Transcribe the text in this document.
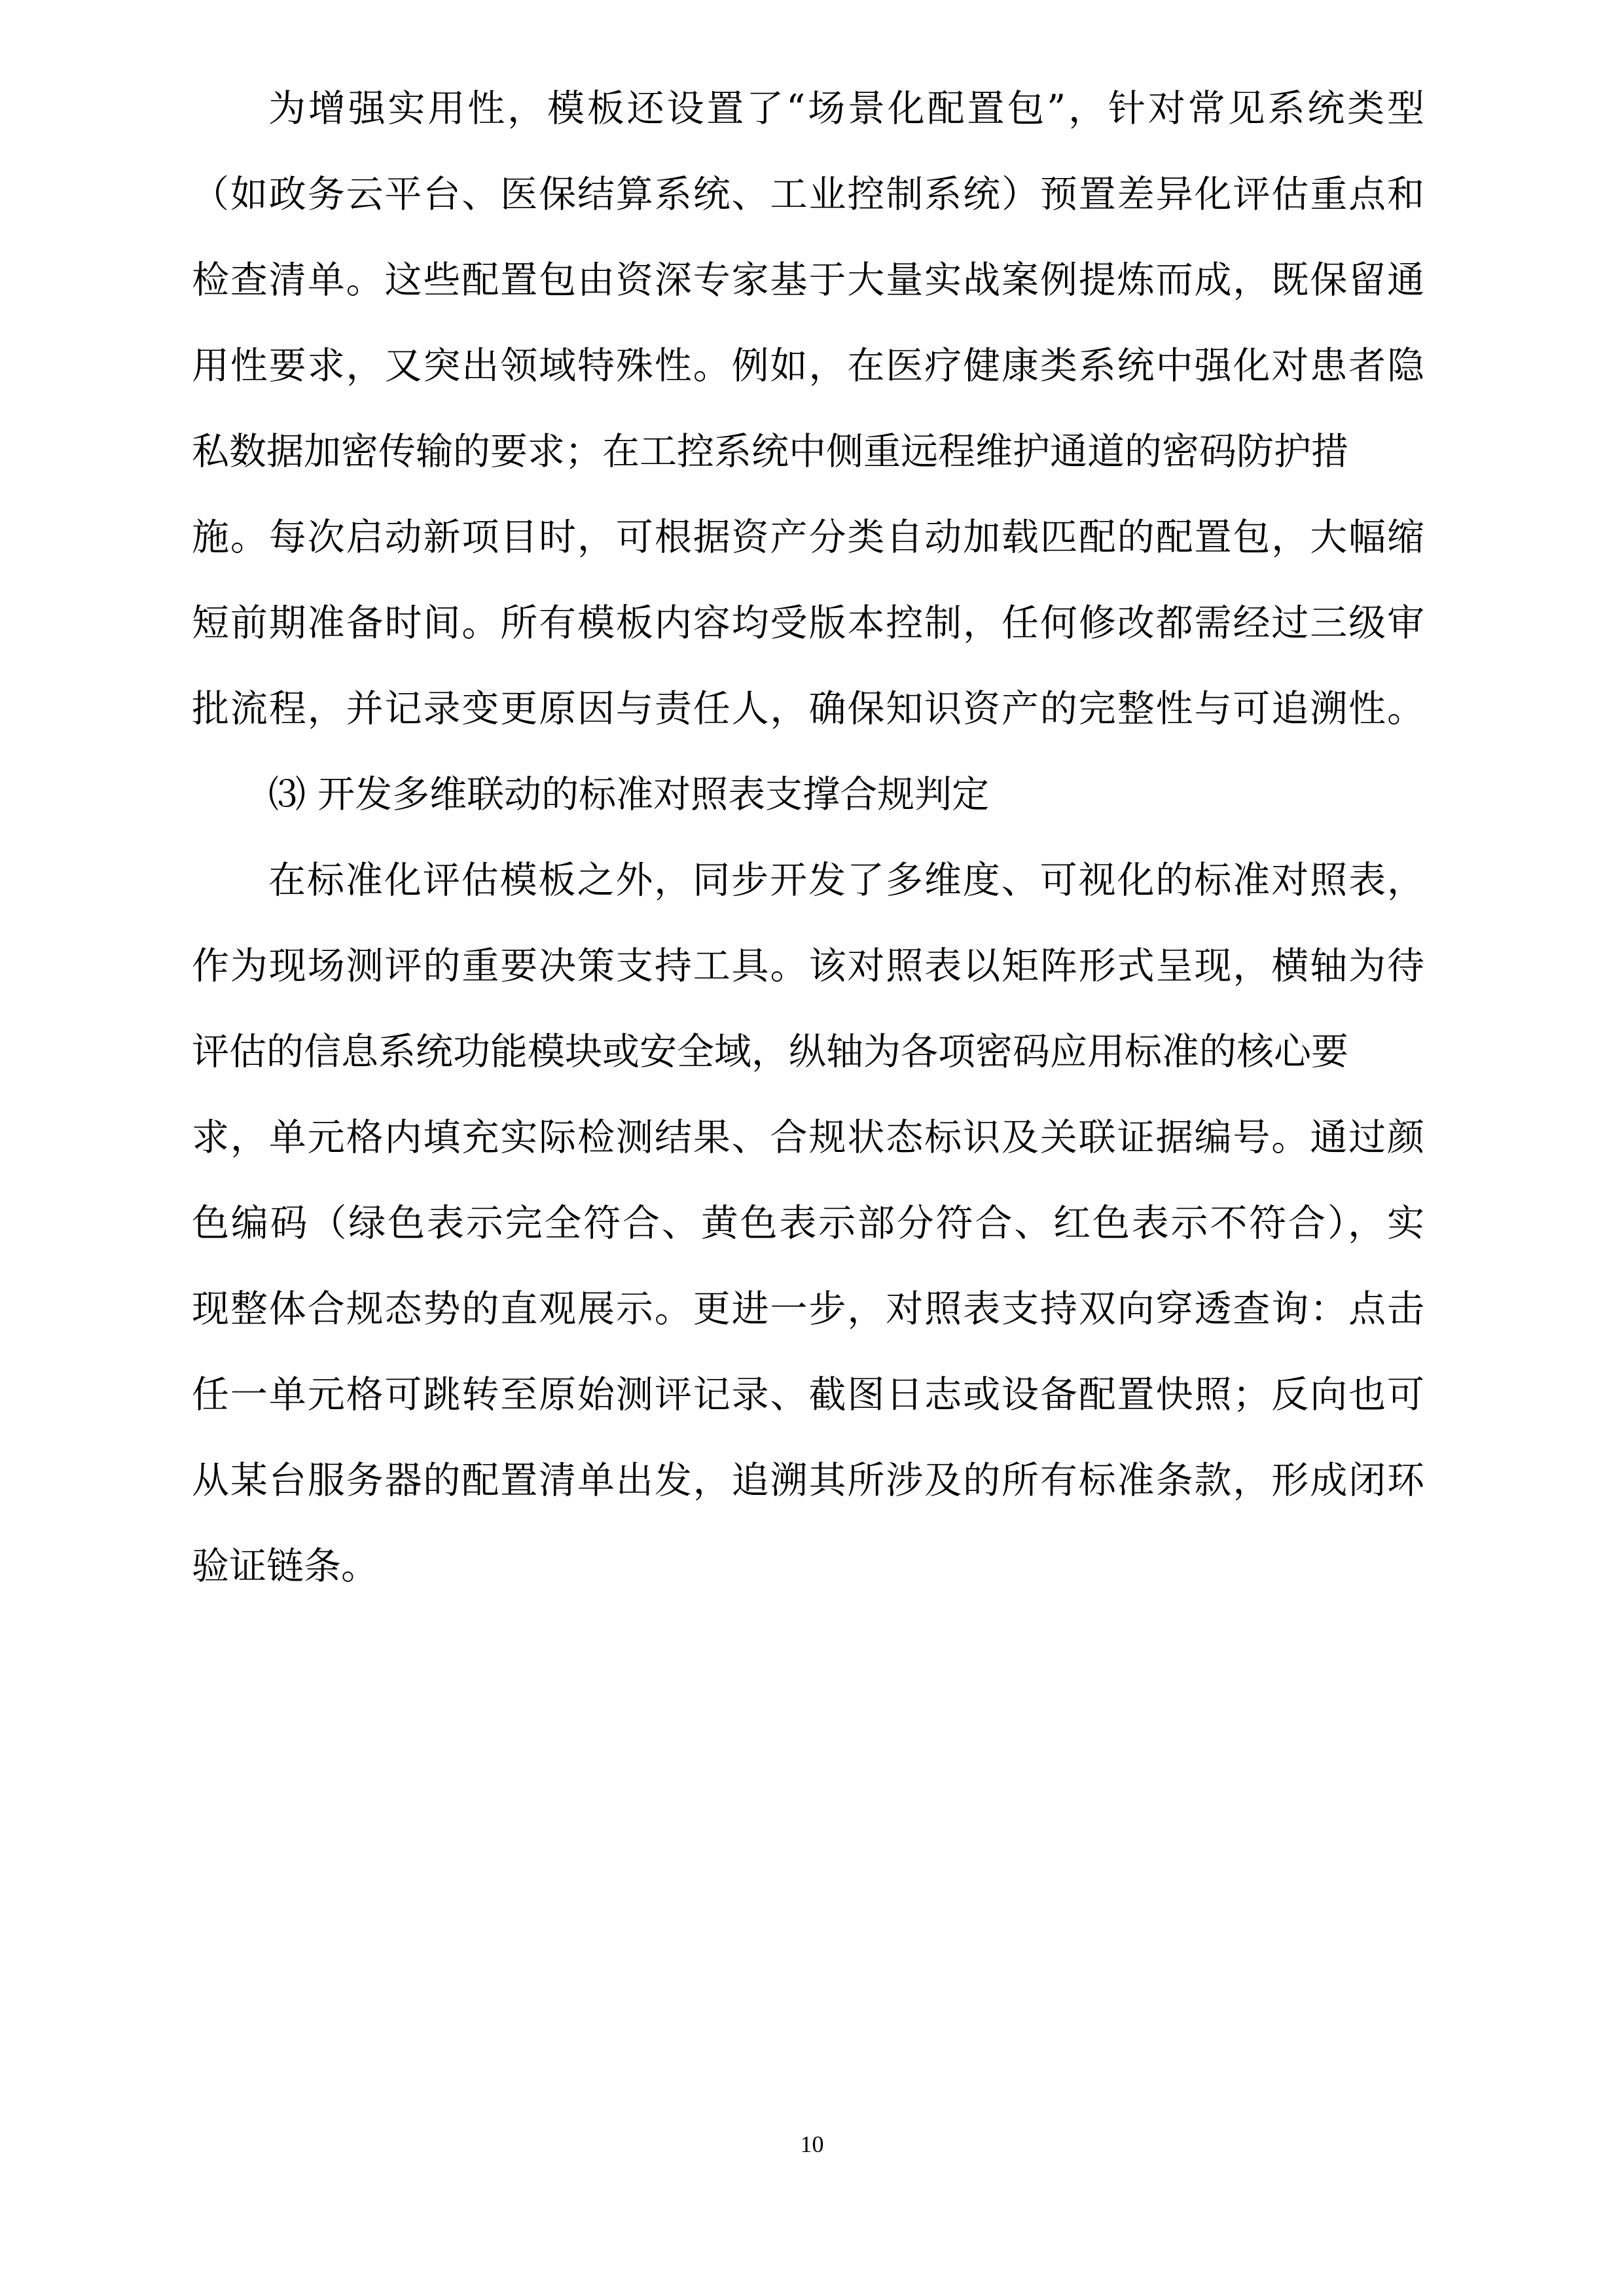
为增强实用性，模板还设置了“场景化配置包”，针对常见系统类型
（如政务云平台、医保结算系统、工业控制系统）预置差异化评估重点和
检查清单。这些配置包由资深专家基于大量实战案例提炼而成，既保留通
用性要求，又突出领域特殊性。例如，在医疗健康类系统中强化对患者隐
私数据加密传输的要求；在工控系统中侧重远程维护通道的密码防护措
施。每次启动新项目时，可根据资产分类自动加载匹配的配置包，大幅缩
短前期准备时间。所有模板内容均受版本控制，任何修改都需经过三级审
批流程，并记录变更原因与责任人，确保知识资产的完整性与可追溯性。
⑶ 开发多维联动的标准对照表支撑合规判定
在标准化评估模板之外，同步开发了多维度、可视化的标准对照表，
作为现场测评的重要决策支持工具。该对照表以矩阵形式呈现，横轴为待
评估的信息系统功能模块或安全域，纵轴为各项密码应用标准的核心要
求，单元格内填充实际检测结果、合规状态标识及关联证据编号。通过颜
色编码（绿色表示完全符合、黄色表示部分符合、红色表示不符合），实
现整体合规态势的直观展示。更进一步，对照表支持双向穿透查询：点击
任一单元格可跳转至原始测评记录、截图日志或设备配置快照；反向也可
从某台服务器的配置清单出发，追溯其所涉及的所有标准条款，形成闭环
验证链条。
10
